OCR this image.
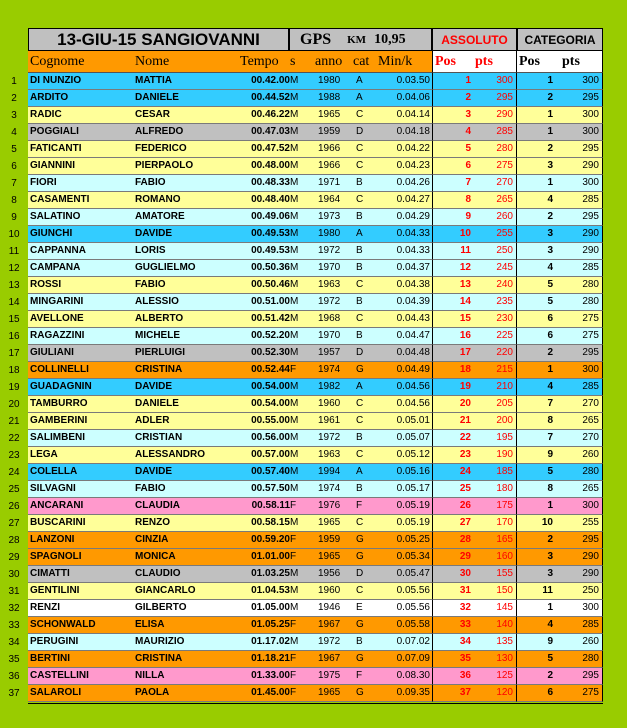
13-GIU-15 SANGIOVANNI	GPS KM 10,95	ASSOLUTO CATEGORIA
Cognome	Nome	Tempo s anno cat Min/k Pos pts Pos pts
1	DI NUNZIO	MATTIA	00.42.00 M 1980 A	0.03.50	1	300	1	300
2	ARDITO	DANIELE	00.44.52 M 1988 A	0.04.06	2	295	2	295
3	RADIC	CESAR	00.46.22 M 1965 C	0.04.14	3	290	1	300
4	POGGIALI	ALFREDO	00.47.03 M 1959 D	0.04.18	4	285	1	300
5	FATICANTI	FEDERICO	00.47.52 M 1966 C	0.04.22	5	280	2	295
6	GIANNINI	PIERPAOLO	00.48.00 M 1966 C	0.04.23	6	275	3	290
7	FIORI	FABIO	00.48.33 M 1971 B	0.04.26	7	270	1	300
8	CASAMENTI	ROMANO	00.48.40 M 1964 C	0.04.27	8	265	4	285
9	SALATINO	AMATORE	00.49.06 M 1973 B	0.04.29	9	260	2	295
10	GIUNCHI	DAVIDE	00.49.53 M 1980 A	0.04.33	10	255	3	290
11	CAPPANNA	LORIS	00.49.53 M 1972 B	0.04.33	11	250	3	290
12	CAMPANA	GUGLIELMO	00.50.36 M 1970 B	0.04.37	12	245	4	285
13	ROSSI	FABIO	00.50.46 M 1963 C	0.04.38	13	240	5	280
14	MINGARINI	ALESSIO	00.51.00 M 1972 B	0.04.39	14	235	5	280
15	AVELLONE	ALBERTO	00.51.42 M 1968 C	0.04.43	15	230	6	275
16	RAGAZZINI	MICHELE	00.52.20 M 1970 B	0.04.47	16	225	6	275
17	GIULIANI	PIERLUIGI	00.52.30 M 1957 D	0.04.48	17	220	2	295
18	COLLINELLI	CRISTINA	00.52.44 F 1974 G	0.04.49	18	215	1	300
19	GUADAGNIN	DAVIDE	00.54.00 M 1982 A	0.04.56	19	210	4	285
20	TAMBURRO	DANIELE	00.54.00 M 1960 C	0.04.56	20	205	7	270
21	GAMBERINI	ADLER	00.55.00 M 1961 C	0.05.01	21	200	8	265
22	SALIMBENI	CRISTIAN	00.56.00 M 1972 B	0.05.07	22	195	7	270
23	LEGA	ALESSANDRO	00.57.00 M 1963 C	0.05.12	23	190	9	260
24	COLELLA	DAVIDE	00.57.40 M 1994 A	0.05.16	24	185	5	280
25	SILVAGNI	FABIO	00.57.50 M 1974 B	0.05.17	25	180	8	265
26	ANCARANI	CLAUDIA	00.58.11 F 1976 F	0.05.19	26	175	1	300
27	BUSCARINI	RENZO	00.58.15 M 1965 C	0.05.19	27	170	10	255
28	LANZONI	CINZIA	00.59.20 F 1959 G	0.05.25	28	165	2	295
29	SPAGNOLI	MONICA	01.01.00 F 1965 G	0.05.34	29	160	3	290
30	CIMATTI	CLAUDIO	01.03.25 M 1956 D	0.05.47	30	155	3	290
31	GENTILINI	GIANCARLO	01.04.53 M 1960 C	0.05.56	31	150	11	250
32	RENZI	GILBERTO	01.05.00 M 1946 E	0.05.56	32	145	1	300
33	SCHONWALD	ELISA	01.05.25 F 1967 G	0.05.58	33	140	4	285
34	PERUGINI	MAURIZIO	01.17.02 M 1972 B	0.07.02	34	135	9	260
35	BERTINI	CRISTINA	01.18.21 F 1967 G	0.07.09	35	130	5	280
36	CASTELLINI	NILLA	01.33.00 F 1975 F	0.08.30	36	125	2	295
37	SALAROLI	PAOLA	01.45.00 F 1965 G	0.09.35	37	120	6	275
